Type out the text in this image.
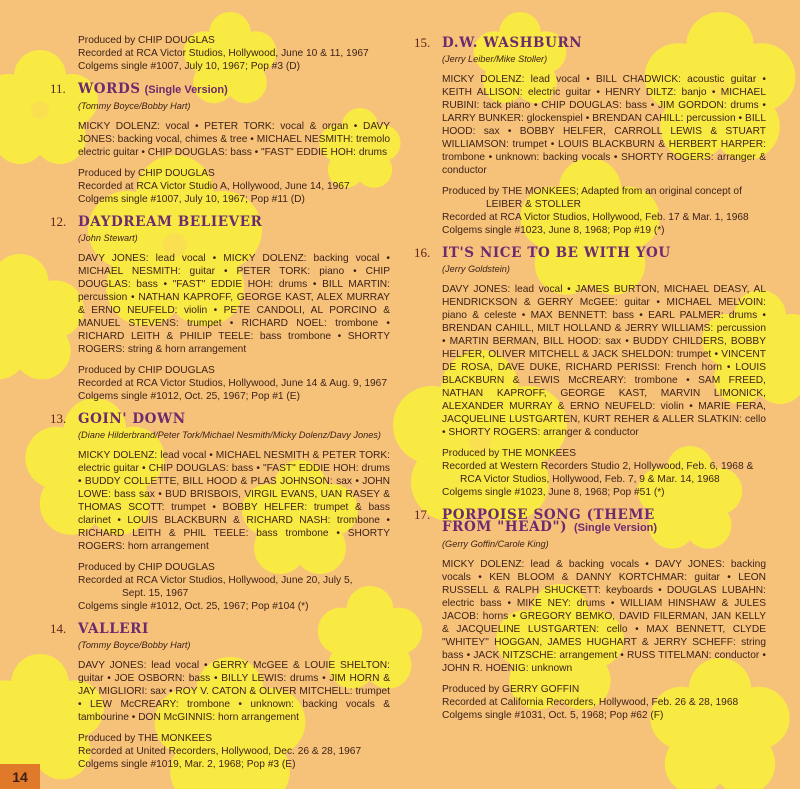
Produced by CHIP DOUGLAS
Recorded at RCA Victor Studios, Hollywood, June 10 & 11, 1967
Colgems single #1007, July 10, 1967; Pop #3 (D)
11. WORDS (Single Version)
(Tommy Boyce/Bobby Hart)
MICKY DOLENZ: vocal • PETER TORK: vocal & organ • DAVY JONES: backing vocal, chimes & tree • MICHAEL NESMITH: tremolo electric guitar • CHIP DOUGLAS: bass • "FAST" EDDIE HOH: drums
Produced by CHIP DOUGLAS
Recorded at RCA Victor Studio A, Hollywood, June 14, 1967
Colgems single #1007, July 10, 1967; Pop #11 (D)
12. DAYDREAM BELIEVER
(John Stewart)
DAVY JONES: lead vocal • MICKY DOLENZ: backing vocal • MICHAEL NESMITH: guitar • PETER TORK: piano • CHIP DOUGLAS: bass • "FAST" EDDIE HOH: drums • BILL MARTIN: percussion • NATHAN KAPROFF, GEORGE KAST, ALEX MURRAY & ERNO NEUFELD: violin • PETE CANDOLI, AL PORCINO & MANUEL STEVENS: trumpet • RICHARD NOEL: trombone • RICHARD LEITH & PHILIP TEELE: bass trombone • SHORTY ROGERS: string & horn arrangement
Produced by CHIP DOUGLAS
Recorded at RCA Victor Studios, Hollywood, June 14 & Aug. 9, 1967
Colgems single #1012, Oct. 25, 1967; Pop #1 (E)
13. GOIN' DOWN
(Diane Hilderbrand/Peter Tork/Michael Nesmith/Micky Dolenz/Davy Jones)
MICKY DOLENZ: lead vocal • MICHAEL NESMITH & PETER TORK: electric guitar • CHIP DOUGLAS: bass • "FAST" EDDIE HOH: drums • BUDDY COLLETTE, BILL HOOD & PLAS JOHNSON: sax • JOHN LOWE: bass sax • BUD BRISBOIS, VIRGIL EVANS, UAN RASEY & THOMAS SCOTT: trumpet • BOBBY HELFER: trumpet & bass clarinet • LOUIS BLACKBURN & RICHARD NASH: trombone • RICHARD LEITH & PHIL TEELE: bass trombone • SHORTY ROGERS: horn arrangement
Produced by CHIP DOUGLAS
Recorded at RCA Victor Studios, Hollywood, June 20, July 5,
Sept. 15, 1967
Colgems single #1012, Oct. 25, 1967; Pop #104 (*)
14. VALLERI
(Tommy Boyce/Bobby Hart)
DAVY JONES: lead vocal • GERRY McGEE & LOUIE SHELTON: guitar • JOE OSBORN: bass • BILLY LEWIS: drums • JIM HORN & JAY MIGLIORI: sax • ROY V. CATON & OLIVER MITCHELL: trumpet • LEW McCREARY: trombone • unknown: backing vocals & tambourine • DON McGINNIS: horn arrangement
Produced by THE MONKEES
Recorded at United Recorders, Hollywood, Dec. 26 & 28, 1967
Colgems single #1019, Mar. 2, 1968; Pop #3 (E)
15. D.W. WASHBURN
(Jerry Leiber/Mike Stoller)
MICKY DOLENZ: lead vocal • BILL CHADWICK: acoustic guitar • KEITH ALLISON: electric guitar • HENRY DILTZ: banjo • MICHAEL RUBINI: tack piano • CHIP DOUGLAS: bass • JIM GORDON: drums • LARRY BUNKER: glockenspiel • BRENDAN CAHILL: percussion • BILL HOOD: sax • BOBBY HELFER, CARROLL LEWIS & STUART WILLIAMSON: trumpet • LOUIS BLACKBURN & HERBERT HARPER: trombone • unknown: backing vocals • SHORTY ROGERS: arranger & conductor
Produced by THE MONKEES; Adapted from an original concept of
LEIBER & STOLLER
Recorded at RCA Victor Studios, Hollywood, Feb. 17 & Mar. 1, 1968
Colgems single #1023, June 8, 1968; Pop #19 (*)
16. IT'S NICE TO BE WITH YOU
(Jerry Goldstein)
DAVY JONES: lead vocal • JAMES BURTON, MICHAEL DEASY, AL HENDRICKSON & GERRY McGEE: guitar • MICHAEL MELVOIN: piano & celeste • MAX BENNETT: bass • EARL PALMER: drums • BRENDAN CAHILL, MILT HOLLAND & JERRY WILLIAMS: percussion • MARTIN BERMAN, BILL HOOD: sax • BUDDY CHILDERS, BOBBY HELFER, OLIVER MITCHELL & JACK SHELDON: trumpet • VINCENT DE ROSA, DAVE DUKE, RICHARD PERISSI: French horn • LOUIS BLACKBURN & LEWIS McCREARY: trombone • SAM FREED, NATHAN KAPROFF, GEORGE KAST, MARVIN LIMONICK, ALEXANDER MURRAY & ERNO NEUFELD: violin • MARIE FERA, JACQUELINE LUSTGARTEN, KURT REHER & ALLER SLATKIN: cello • SHORTY ROGERS: arranger & conductor
Produced by THE MONKEES
Recorded at Western Recorders Studio 2, Hollywood, Feb. 6, 1968 &
RCA Victor Studios, Hollywood, Feb. 7, 9 & Mar. 14, 1968
Colgems single #1023, June 8, 1968; Pop #51 (*)
17. PORPOISE SONG (THEME
FROM "HEAD") (Single Version)
(Gerry Goffin/Carole King)
MICKY DOLENZ: lead & backing vocals • DAVY JONES: backing vocals • KEN BLOOM & DANNY KORTCHMAR: guitar • LEON RUSSELL & RALPH SHUCKETT: keyboards • DOUGLAS LUBAHN: electric bass • MIKE NEY: drums • WILLIAM HINSHAW & JULES JACOB: horns • GREGORY BEMKO, DAVID FILERMAN, JAN KELLY & JACQUELINE LUSTGARTEN: cello • MAX BENNETT, CLYDE "WHITEY" HOGGAN, JAMES HUGHART & JERRY SCHEFF: string bass • JACK NITZSCHE: arrangement • RUSS TITELMAN: conductor • JOHN R. HOENIG: unknown
Produced by GERRY GOFFIN
Recorded at California Recorders, Hollywood, Feb. 26 & 28, 1968
Colgems single #1031, Oct. 5, 1968; Pop #62 (F)
14
